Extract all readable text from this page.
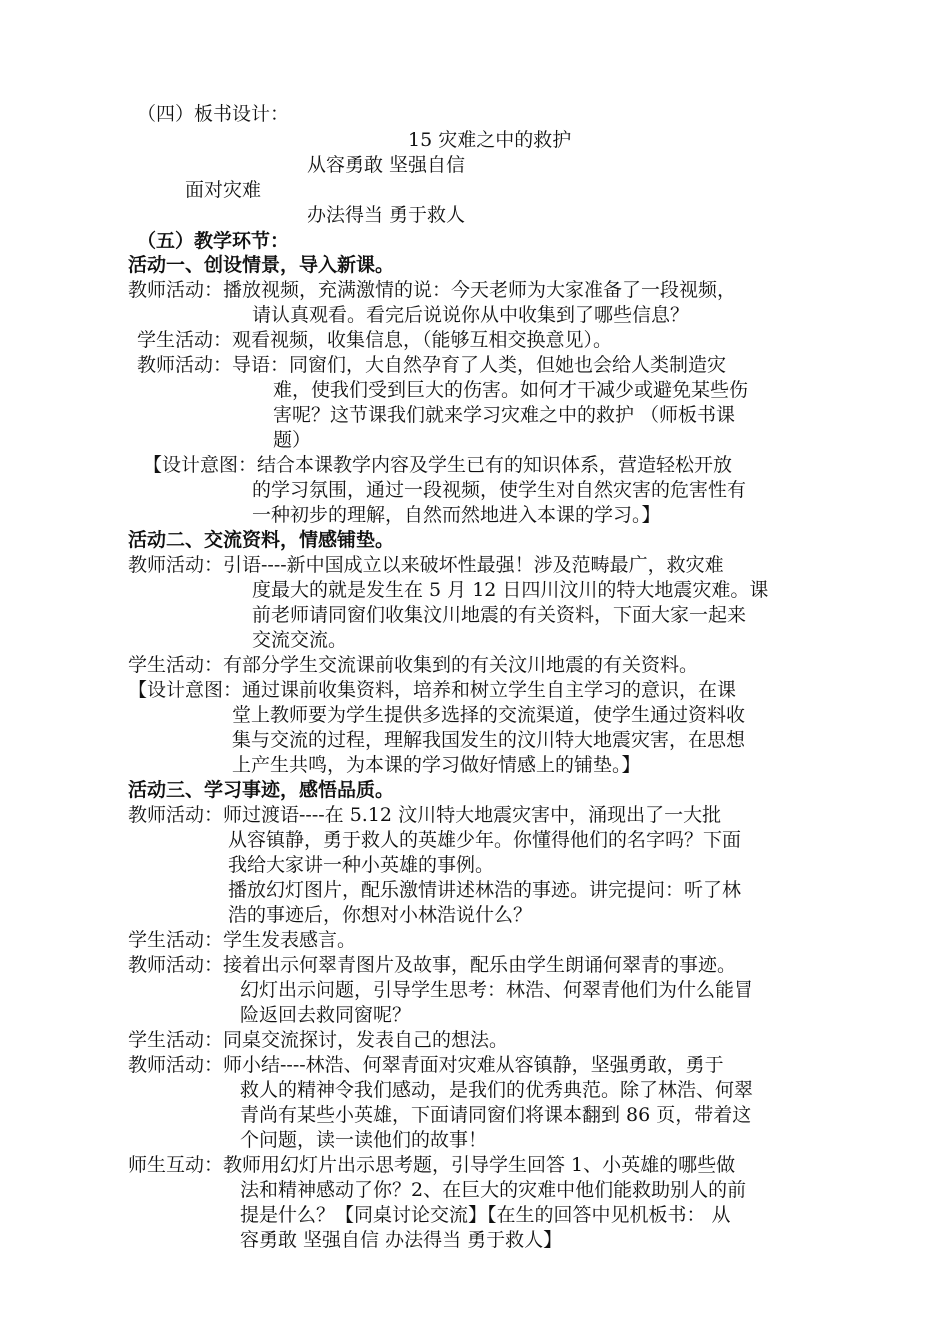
（四）板书设计：
15 灾难之中的救护
从容勇敢 坚强自信
面对灾难
办法得当 勇于救人
（五）教学环节：
活动一、创设情景，导入新课。
教师活动：播放视频，充满激情的说：今天老师为大家准备了一段视频，
请认真观看。看完后说说你从中收集到了哪些信息？
学生活动：观看视频，收集信息，（能够互相交换意见）。
教师活动：导语：同窗们，大自然孕育了人类，但她也会给人类制造灾
难，使我们受到巨大的伤害。如何才干减少或避免某些伤
害呢？这节课我们就来学习灾难之中的救护 （师板书课
题）
【设计意图：结合本课教学内容及学生已有的知识体系，营造轻松开放
的学习氛围，通过一段视频，使学生对自然灾害的危害性有
一种初步的理解，自然而然地进入本课的学习。】
活动二、交流资料，情感铺垫。
教师活动：引语----新中国成立以来破坏性最强！涉及范畴最广，救灾难
度最大的就是发生在 5 月 12 日四川汶川的特大地震灾难。课
前老师请同窗们收集汶川地震的有关资料，下面大家一起来
交流交流。
学生活动：有部分学生交流课前收集到的有关汶川地震的有关资料。
【设计意图：通过课前收集资料，培养和树立学生自主学习的意识，在课
堂上教师要为学生提供多选择的交流渠道，使学生通过资料收
集与交流的过程，理解我国发生的汶川特大地震灾害，在思想
上产生共鸣，为本课的学习做好情感上的铺垫。】
活动三、学习事迹，感悟品质。
教师活动：师过渡语----在 5.12 汶川特大地震灾害中，涌现出了一大批
从容镇静，勇于救人的英雄少年。你懂得他们的名字吗？下面
我给大家讲一种小英雄的事例。
播放幻灯图片，配乐激情讲述林浩的事迹。讲完提问：听了林
浩的事迹后，你想对小林浩说什么？
学生活动：学生发表感言。
教师活动：接着出示何翠青图片及故事，配乐由学生朗诵何翠青的事迹。
幻灯出示问题，引导学生思考：林浩、何翠青他们为什么能冒
险返回去救同窗呢？
学生活动：同桌交流探讨，发表自己的想法。
教师活动：师小结----林浩、何翠青面对灾难从容镇静，坚强勇敢，勇于
救人的精神令我们感动，是我们的优秀典范。除了林浩、何翠
青尚有某些小英雄，下面请同窗们将课本翻到 86 页，带着这
个问题，读一读他们的故事！
师生互动：教师用幻灯片出示思考题，引导学生回答 1、小英雄的哪些做
法和精神感动了你？2、在巨大的灾难中他们能救助别人的前
提是什么？【同桌讨论交流】【在生的回答中见机板书： 从
容勇敢 坚强自信 办法得当 勇于救人】
